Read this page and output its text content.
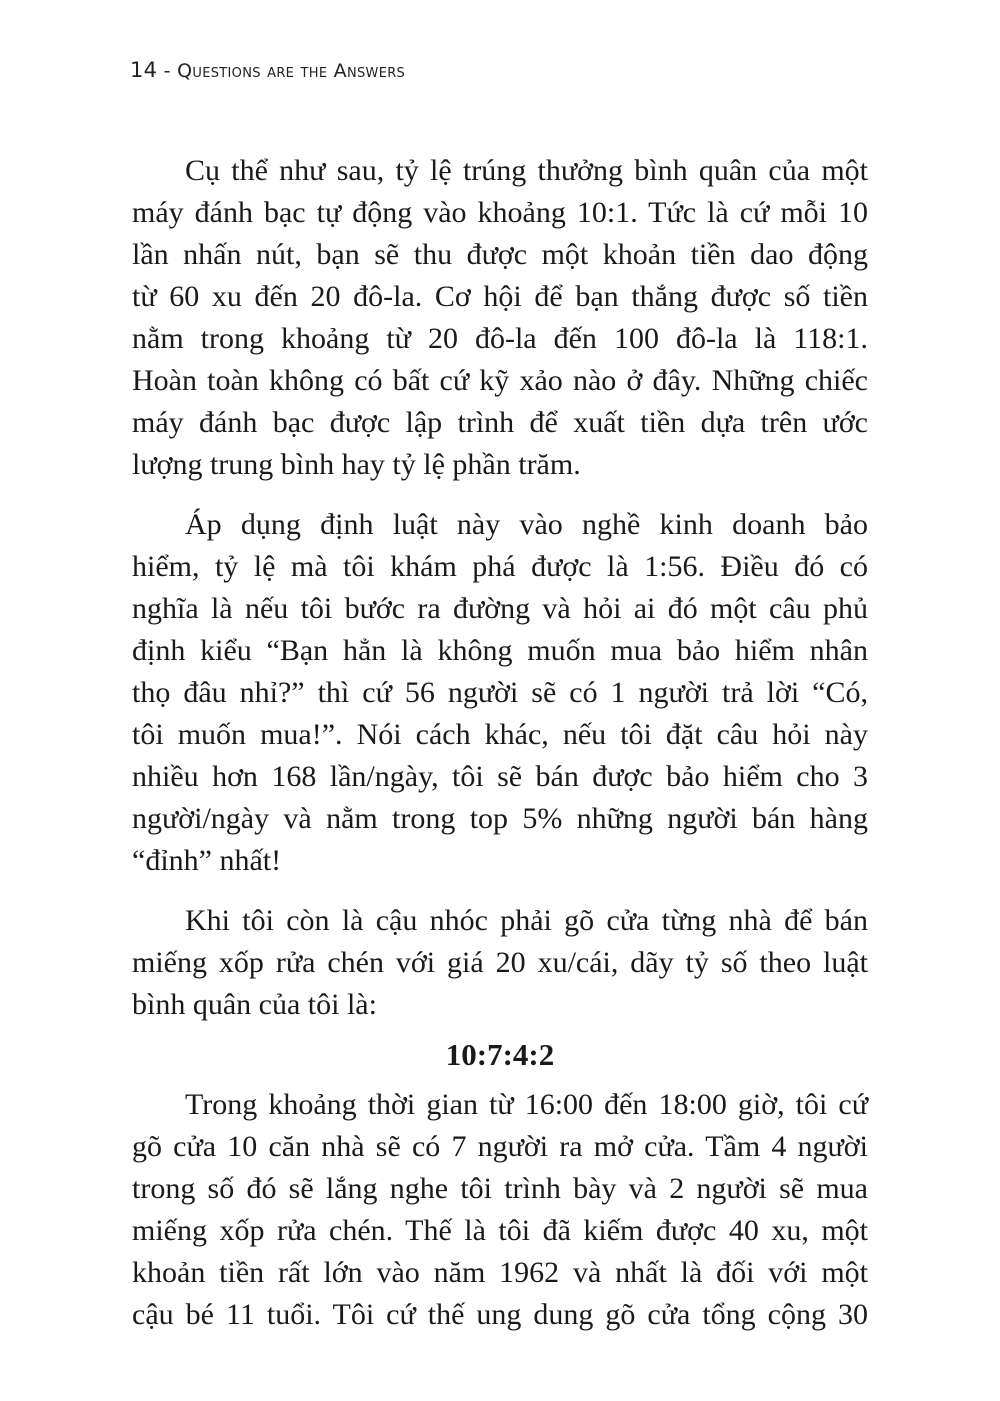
14 - Questions are the Answers
Cụ thể như sau, tỷ lệ trúng thưởng bình quân của một
máy đánh bạc tự động vào khoảng 10:1. Tức là cứ mỗi 10
lần nhấn nút, bạn sẽ thu được một khoản tiền dao động
từ 60 xu đến 20 đô-la. Cơ hội để bạn thắng được số tiền
nằm trong khoảng từ 20 đô-la đến 100 đô-la là 118:1.
Hoàn toàn không có bất cứ kỹ xảo nào ở đây. Những chiếc
máy đánh bạc được lập trình để xuất tiền dựa trên ước
lượng trung bình hay tỷ lệ phần trăm.
Áp dụng định luật này vào nghề kinh doanh bảo
hiểm, tỷ lệ mà tôi khám phá được là 1:56. Điều đó có
nghĩa là nếu tôi bước ra đường và hỏi ai đó một câu phủ
định kiểu “Bạn hẳn là không muốn mua bảo hiểm nhân
thọ đâu nhỉ?” thì cứ 56 người sẽ có 1 người trả lời “Có,
tôi muốn mua!”. Nói cách khác, nếu tôi đặt câu hỏi này
nhiều hơn 168 lần/ngày, tôi sẽ bán được bảo hiểm cho 3
người/ngày và nằm trong top 5% những người bán hàng
“đỉnh” nhất!
Khi tôi còn là cậu nhóc phải gõ cửa từng nhà để bán
miếng xốp rửa chén với giá 20 xu/cái, dãy tỷ số theo luật
bình quân của tôi là:
10:7:4:2
Trong khoảng thời gian từ 16:00 đến 18:00 giờ, tôi cứ
gõ cửa 10 căn nhà sẽ có 7 người ra mở cửa. Tầm 4 người
trong số đó sẽ lắng nghe tôi trình bày và 2 người sẽ mua
miếng xốp rửa chén. Thế là tôi đã kiếm được 40 xu, một
khoản tiền rất lớn vào năm 1962 và nhất là đối với một
cậu bé 11 tuổi. Tôi cứ thế ung dung gõ cửa tổng cộng 30
